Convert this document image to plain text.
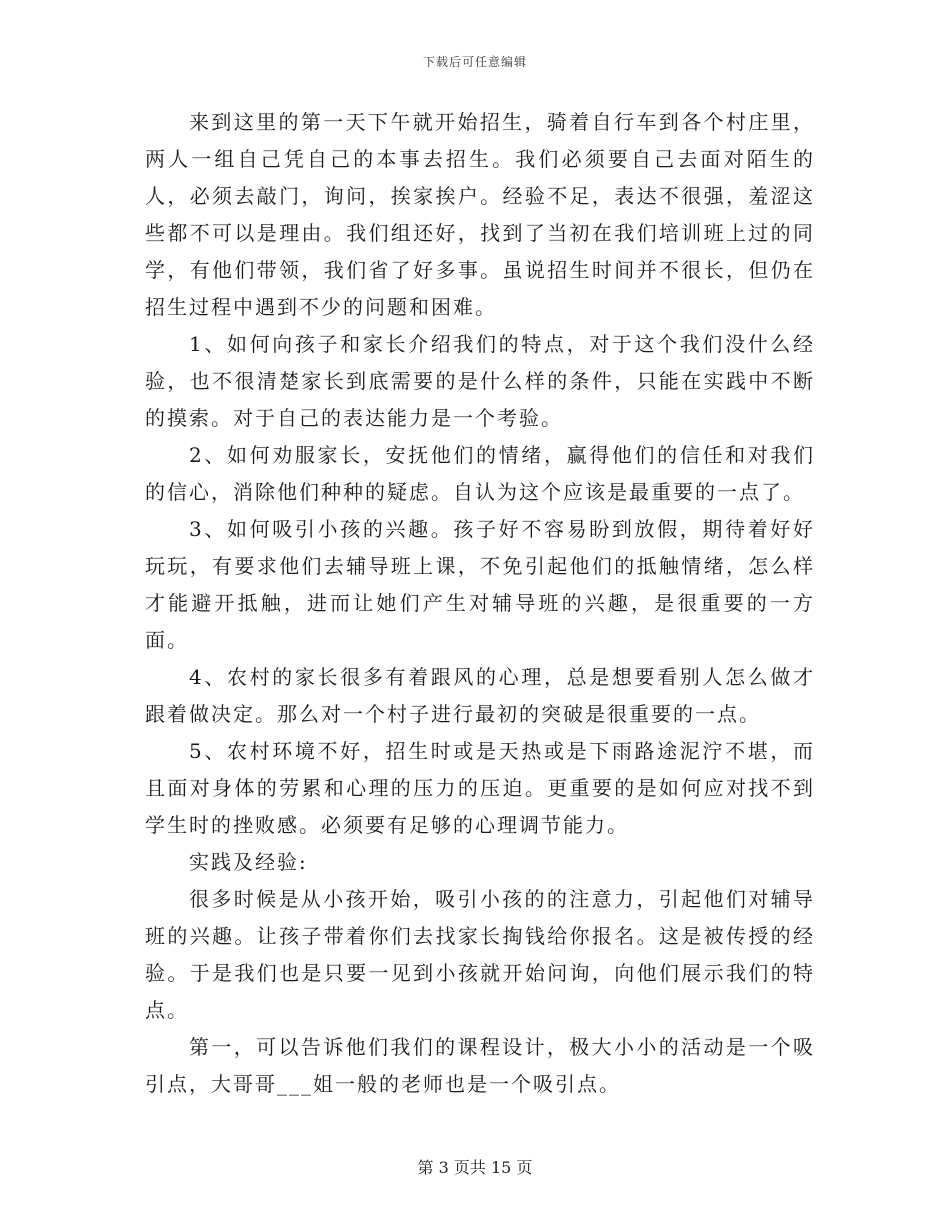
下载后可任意编辑

来到这里的第一天下午就开始招生，骑着自行车到各个村庄里，两人一组自己凭自己的本事去招生。我们必须要自己去面对陌生的人，必须去敲门，询问，挨家挨户。经验不足，表达不很强，羞涩这些都不可以是理由。我们组还好，找到了当初在我们培训班上过的同学，有他们带领，我们省了好多事。虽说招生时间并不很长，但仍在招生过程中遇到不少的问题和困难。

1、如何向孩子和家长介绍我们的特点，对于这个我们没什么经验，也不很清楚家长到底需要的是什么样的条件，只能在实践中不断的摸索。对于自己的表达能力是一个考验。

2、如何劝服家长，安抚他们的情绪，赢得他们的信任和对我们的信心，消除他们种种的疑虑。自认为这个应该是最重要的一点了。

3、如何吸引小孩的兴趣。孩子好不容易盼到放假，期待着好好玩玩，有要求他们去辅导班上课，不免引起他们的抵触情绪，怎么样才能避开抵触，进而让她们产生对辅导班的兴趣，是很重要的一方面。

4、农村的家长很多有着跟风的心理，总是想要看别人怎么做才跟着做决定。那么对一个村子进行最初的突破是很重要的一点。

5、农村环境不好，招生时或是天热或是下雨路途泥泞不堪，而且面对身体的劳累和心理的压力的压迫。更重要的是如何应对找不到学生时的挫败感。必须要有足够的心理调节能力。

实践及经验:

很多时候是从小孩开始，吸引小孩的的注意力，引起他们对辅导班的兴趣。让孩子带着你们去找家长掏钱给你报名。这是被传授的经验。于是我们也是只要一见到小孩就开始问询，向他们展示我们的特点。

第一，可以告诉他们我们的课程设计，极大小小的活动是一个吸引点，大哥哥___姐一般的老师也是一个吸引点。

第 3 页共 15 页
